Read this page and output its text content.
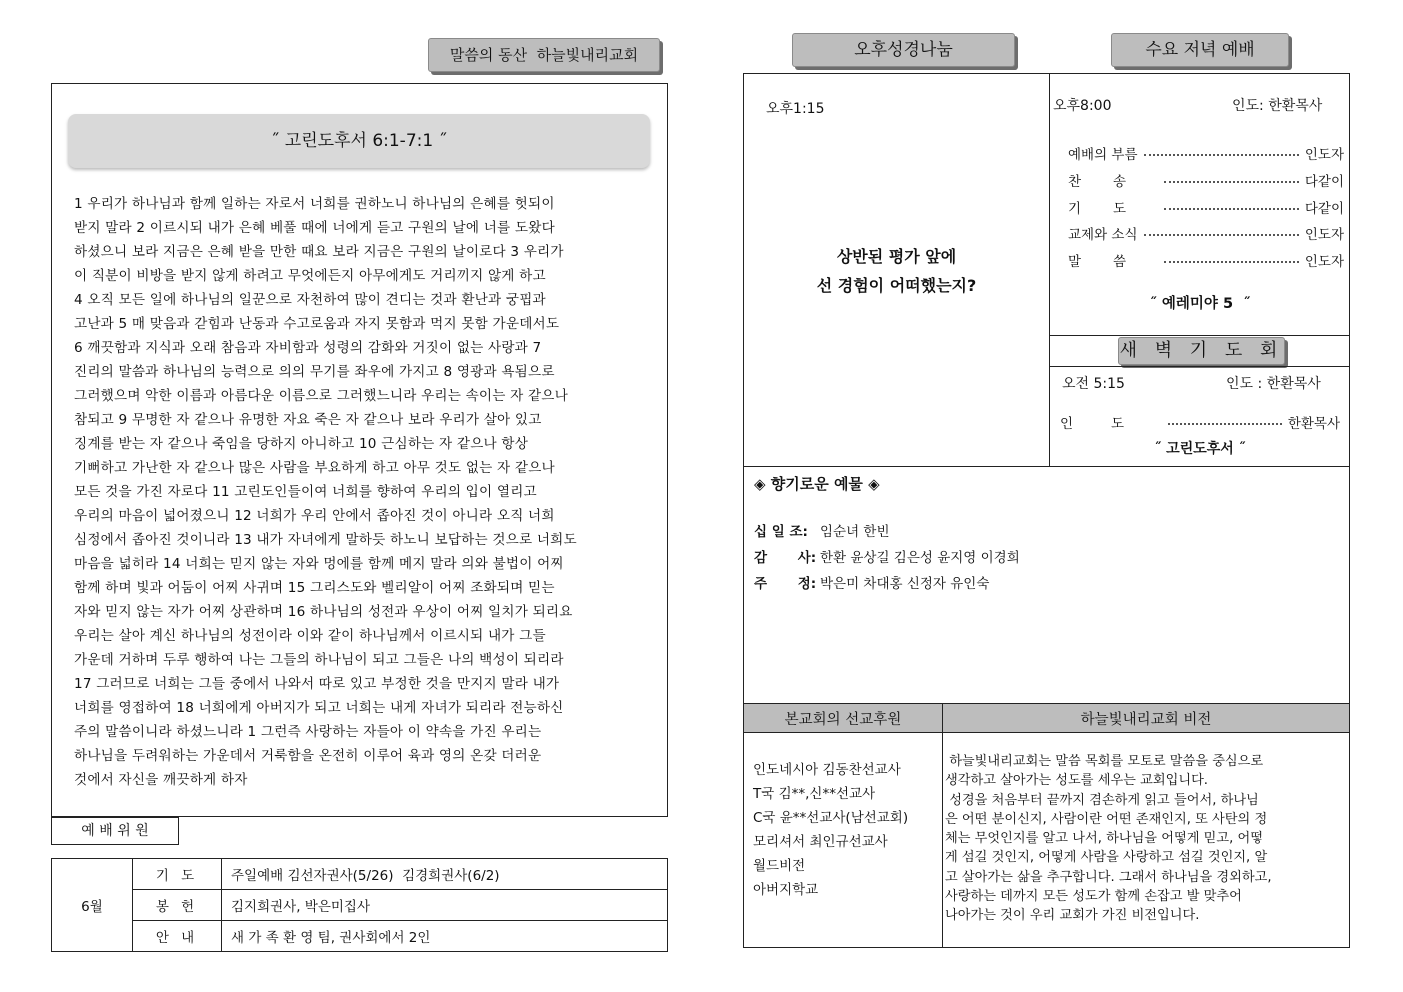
말씀의 동산  하늘빛내리교회
˝ 고린도후서 6:1-7:1 ˝
1 우리가 하나님과 함께 일하는 자로서 너희를 권하노니 하나님의 은혜를 헛되이
받지 말라 2 이르시되 내가 은혜 베풀 때에 너에게 듣고 구원의 날에 너를 도왔다
하셨으니 보라 지금은 은혜 받을 만한 때요 보라 지금은 구원의 날이로다 3 우리가
이 직분이 비방을 받지 않게 하려고 무엇에든지 아무에게도 거리끼지 않게 하고
4 오직 모든 일에 하나님의 일꾼으로 자천하여 많이 견디는 것과 환난과 궁핍과
고난과 5 매 맞음과 갇힘과 난동과 수고로움과 자지 못함과 먹지 못함 가운데서도
6 깨끗함과 지식과 오래 참음과 자비함과 성령의 감화와 거짓이 없는 사랑과 7
진리의 말씀과 하나님의 능력으로 의의 무기를 좌우에 가지고 8 영광과 욕됨으로
그러했으며 악한 이름과 아름다운 이름으로 그러했느니라 우리는 속이는 자 같으나
참되고 9 무명한 자 같으나 유명한 자요 죽은 자 같으나 보라 우리가 살아 있고
징계를 받는 자 같으나 죽임을 당하지 아니하고 10 근심하는 자 같으나 항상
기뻐하고 가난한 자 같으나 많은 사람을 부요하게 하고 아무 것도 없는 자 같으나
모든 것을 가진 자로다 11 고린도인들이여 너희를 향하여 우리의 입이 열리고
우리의 마음이 넓어졌으니 12 너희가 우리 안에서 좁아진 것이 아니라 오직 너희
심정에서 좁아진 것이니라 13 내가 자녀에게 말하듯 하노니 보답하는 것으로 너희도
마음을 넓히라 14 너희는 믿지 않는 자와 멍에를 함께 메지 말라 의와 불법이 어찌
함께 하며 빛과 어둠이 어찌 사귀며 15 그리스도와 벨리알이 어찌 조화되며 믿는
자와 믿지 않는 자가 어찌 상관하며 16 하나님의 성전과 우상이 어찌 일치가 되리요
우리는 살아 계신 하나님의 성전이라 이와 같이 하나님께서 이르시되 내가 그들
가운데 거하며 두루 행하여 나는 그들의 하나님이 되고 그들은 나의 백성이 되리라
17 그러므로 너희는 그들 중에서 나와서 따로 있고 부정한 것을 만지지 말라 내가
너희를 영접하여 18 너희에게 아버지가 되고 너희는 내게 자녀가 되리라 전능하신
주의 말씀이니라 하셨느니라 1 그런즉 사랑하는 자들아 이 약속을 가진 우리는
하나님을 두려워하는 가운데서 거룩함을 온전히 이루어 육과 영의 온갖 더러운
것에서 자신을 깨끗하게 하자
예 배 위 원
6월
기 도 주일예배 김선자권사(5/26)  김경희권사(6/2)
봉 헌 김지희권사, 박은미집사
안 내 새 가 족 환 영 팀, 권사회에서 2인
오후성경나눔	수요 저녁 예배
오후1:15
상반된 평가 앞에
선 경험이 어떠했는지?
오후8:00	인도: 한환목사
예배의 부름	인도자
찬송	다같이
기도	다같이
교제와 소식	인도자
말씀	인도자
˝ 예레미야 5  ˝
새 벽 기 도 회
오전 5:15	인도 : 한환목사
인도	한환목사
˝ 고린도후서 ˝
◈ 향기로운 예물 ◈
십 일 조: 임순녀 한빈
감 사: 한환 윤상길 김은성 윤지영 이경희
주 정: 박은미 차대홍 신정자 유인숙
본교회의 선교후원	하늘빛내리교회 비전
인도네시아 김동찬선교사
T국 김**,신**선교사
C국 윤**선교사(남선교회)
모리셔서 최인규선교사
월드비전
아버지학교
하늘빛내리교회는 말씀 목회를 모토로 말씀을 중심으로
생각하고 살아가는 성도를 세우는 교회입니다.
성경을 처음부터 끝까지 겸손하게 읽고 들어서, 하나님
은 어떤 분이신지, 사람이란 어떤 존재인지, 또 사탄의 정
체는 무엇인지를 알고 나서, 하나님을 어떻게 믿고, 어떻
게 섬길 것인지, 어떻게 사람을 사랑하고 섬길 것인지, 알
고 살아가는 삶을 추구합니다. 그래서 하나님을 경외하고,
사랑하는 데까지 모든 성도가 함께 손잡고 발 맞추어
나아가는 것이 우리 교회가 가진 비전입니다.
